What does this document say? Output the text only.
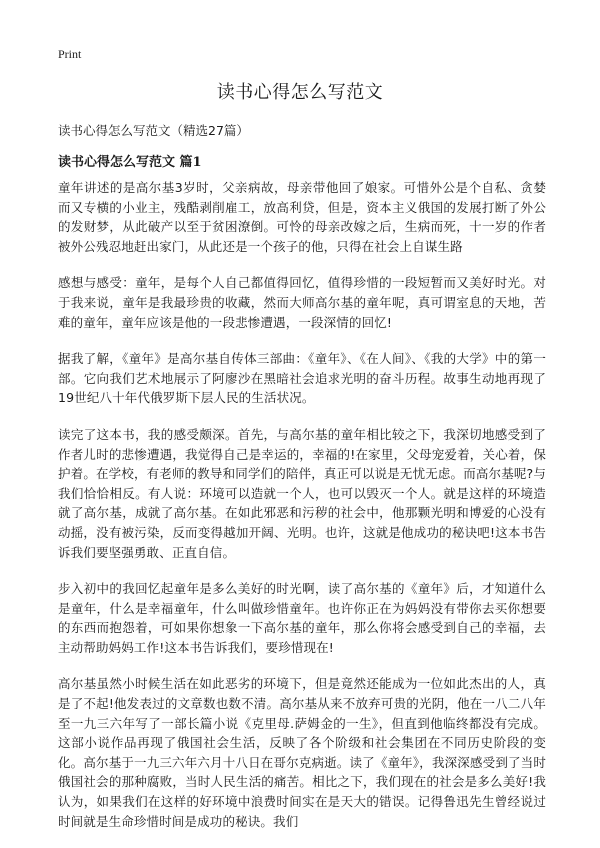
Print
读书心得怎么写范文

读书心得怎么写范文（精选27篇）

读书心得怎么写范文 篇1

童年讲述的是高尔基3岁时，父亲病故，母亲带他回了娘家。可惜外公是个自私、贪婪而又专横的小业主，残酷剥削雇工，放高利贷，但是，资本主义俄国的发展打断了外公的发财梦，从此破产以至于贫困潦倒。可怜的母亲改嫁之后，生病而死，十一岁的作者被外公残忍地赶出家门，从此还是一个孩子的他，只得在社会上自谋生路

感想与感受：童年，是每个人自己都值得回忆，值得珍惜的一段短暂而又美好时光。对于我来说，童年是我最珍贵的收藏，然而大师高尔基的童年呢，真可谓室息的天地，苦难的童年，童年应该是他的一段悲惨遭遇，一段深情的回忆!

据我了解，《童年》是高尔基自传体三部曲：《童年》、《在人间》、《我的大学》中的第一部。它向我们艺术地展示了阿廖沙在黑暗社会追求光明的奋斗历程。故事生动地再现了19世纪八十年代俄罗斯下层人民的生活状况。

读完了这本书，我的感受颇深。首先，与高尔基的童年相比较之下，我深切地感受到了作者儿时的悲惨遭遇，我觉得自己是幸运的，幸福的!在家里，父母宠爱着，关心着，保护着。在学校，有老师的教导和同学们的陪伴，真正可以说是无忧无虑。而高尔基呢?与我们恰恰相反。有人说：环境可以造就一个人，也可以毁灭一个人。就是这样的环境造就了高尔基，成就了高尔基。在如此邪恶和污秽的社会中，他那颗光明和博爱的心没有动摇，没有被污染，反而变得越加开阔、光明。也许，这就是他成功的秘诀吧!这本书告诉我们要坚强勇敢、正直自信。

步入初中的我回忆起童年是多么美好的时光啊，读了高尔基的《童年》后，才知道什么是童年，什么是幸福童年，什么叫做珍惜童年。也许你正在为妈妈没有带你去买你想要的东西而抱怨着，可如果你想象一下高尔基的童年，那么你将会感受到自己的幸福，去主动帮助妈妈工作!这本书告诉我们，要珍惜现在!

高尔基虽然小时候生活在如此恶劣的环境下，但是竟然还能成为一位如此杰出的人，真是了不起!他发表过的文章数也数不清。高尔基从来不放弃可贵的光阴，他在一八二八年至一九三六年写了一部长篇小说《克里母.萨姆金的一生》，但直到他临终都没有完成。这部小说作品再现了俄国社会生活，反映了各个阶级和社会集团在不同历史阶段的变化。高尔基于一九三六年六月十八日在哥尔克病逝。读了《童年》，我深深感受到了当时俄国社会的那种腐败，当时人民生活的痛苦。相比之下，我们现在的社会是多么美好!我认为，如果我们在这样的好环境中浪费时间实在是天大的错误。记得鲁迅先生曾经说过时间就是生命珍惜时间是成功的秘诀。我们
